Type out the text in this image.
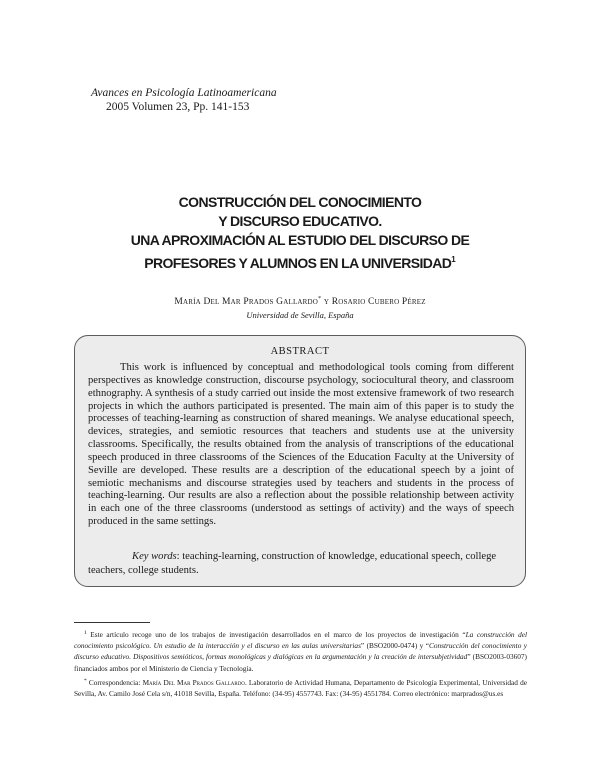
Avances en Psicología Latinoamericana
2005 Volumen 23, Pp. 141-153
CONSTRUCCIÓN DEL CONOCIMIENTO
Y DISCURSO EDUCATIVO.
UNA APROXIMACIÓN AL ESTUDIO DEL DISCURSO DE
PROFESORES Y ALUMNOS EN LA UNIVERSIDAD$^1$
María Del Mar Prados Gallardo* y Rosario Cubero Pérez
Universidad de Sevilla, España
ABSTRACT

This work is influenced by conceptual and methodological tools coming from different perspectives as knowledge construction, discourse psychology, sociocultural theory, and classroom ethnography. A synthesis of a study carried out inside the most extensive framework of two research projects in which the authors participated is presented. The main aim of this paper is to study the processes of teaching-learning as construction of shared meanings. We analyse educational speech, devices, strategies, and semiotic resources that teachers and students use at the university classrooms. Specifically, the results obtained from the analysis of transcriptions of the educational speech produced in three classrooms of the Sciences of the Education Faculty at the University of Seville are developed. These results are a description of the educational speech by a joint of semiotic mechanisms and discourse strategies used by teachers and students in the process of teaching-learning. Our results are also a reflection about the possible relationship between activity in each one of the three classrooms (understood as settings of activity) and the ways of speech produced in the same settings.

Key words: teaching-learning, construction of knowledge, educational speech, college teachers, college students.

$^1$ Este artículo recoge uno de los trabajos de investigación desarrollados en el marco de los proyectos de investigación “La construcción del conocimiento psicológico. Un estudio de la interacción y el discurso en las aulas universitarias” (BSO2000-0474) y “Construcción del conocimiento y discurso educativo. Dispositivos semióticos, formas monológicas y dialógicas en la argumentación y la creación de intersubjetividad” (BSO2003-03607) financiados ambos por el Ministerio de Ciencia y Tecnología.

* Correspondencia: María Del Mar Prados Gallardo. Laboratorio de Actividad Humana, Departamento de Psicología Experimental, Universidad de Sevilla, Av. Camilo José Cela s/n, 41018 Sevilla, España. Teléfono: (34-95) 4557743. Fax: (34-95) 4551784. Correo electrónico: marprados@us.es
